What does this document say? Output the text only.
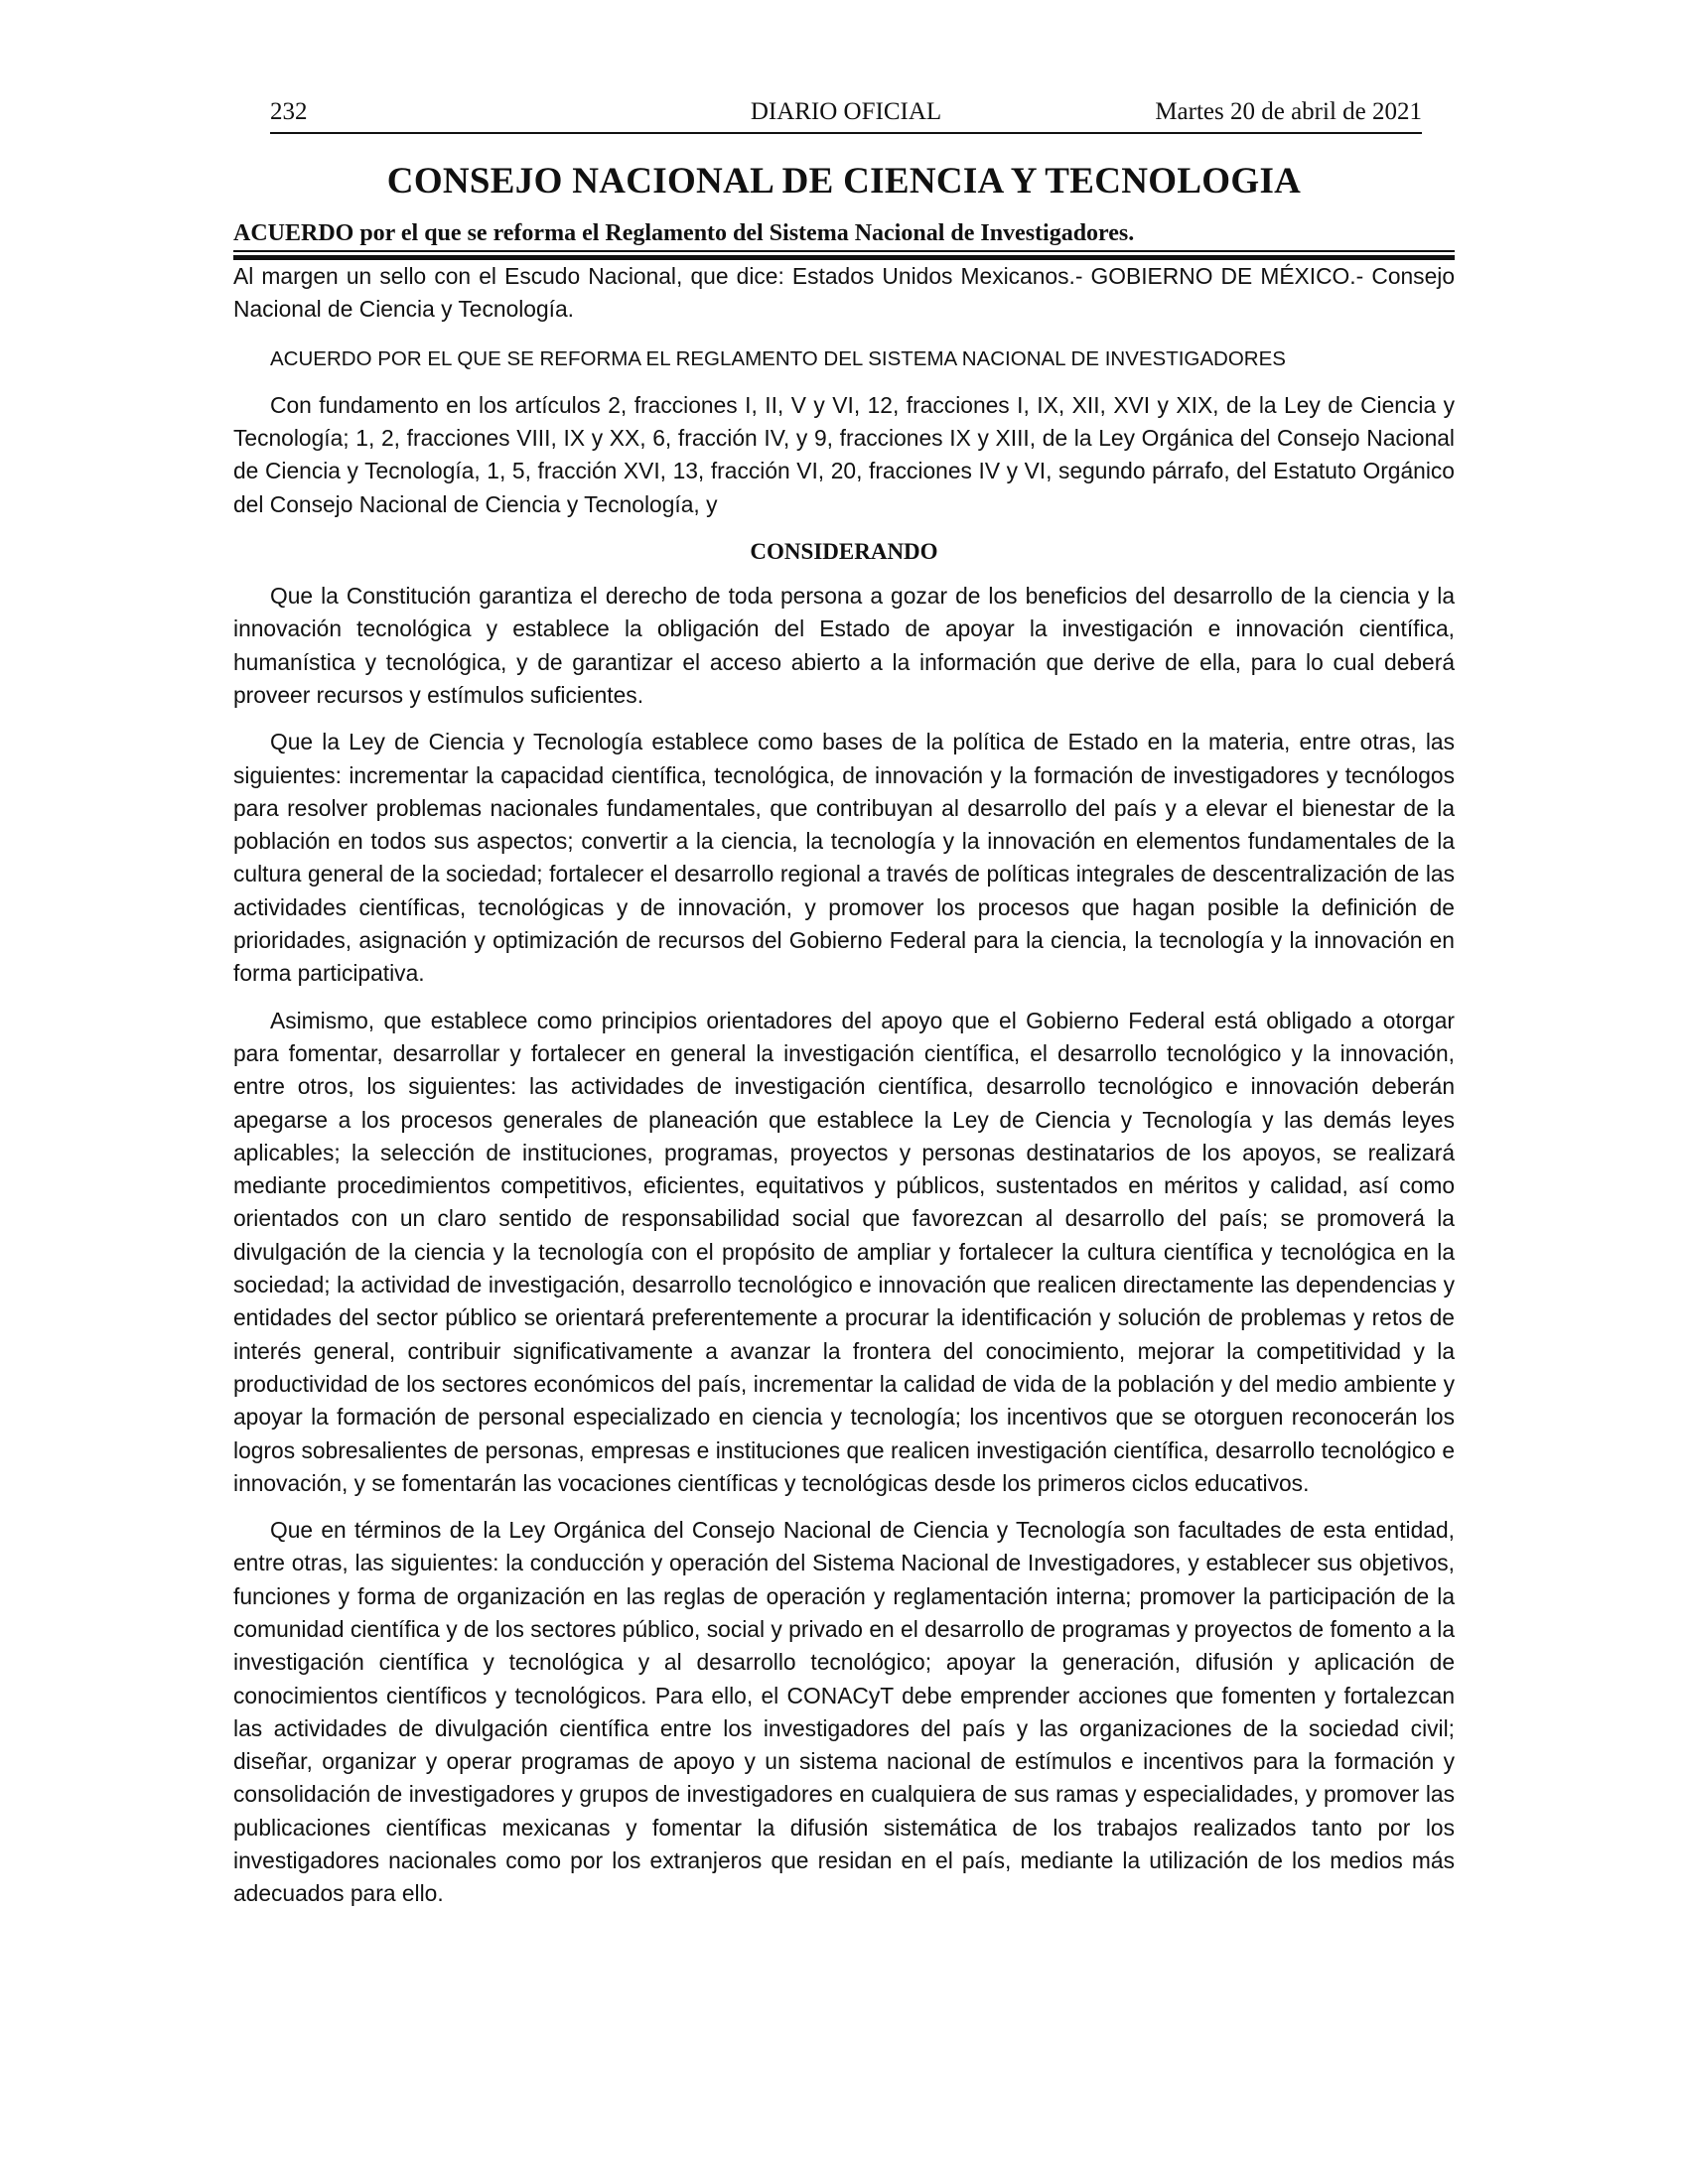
232	DIARIO OFICIAL	Martes 20 de abril de 2021
CONSEJO NACIONAL DE CIENCIA Y TECNOLOGIA
ACUERDO por el que se reforma el Reglamento del Sistema Nacional de Investigadores.

Al margen un sello con el Escudo Nacional, que dice: Estados Unidos Mexicanos.- GOBIERNO DE MÉXICO.- Consejo Nacional de Ciencia y Tecnología.

ACUERDO POR EL QUE SE REFORMA EL REGLAMENTO DEL SISTEMA NACIONAL DE INVESTIGADORES

Con fundamento en los artículos 2, fracciones I, II, V y VI, 12, fracciones I, IX, XII, XVI y XIX, de la Ley de Ciencia y Tecnología; 1, 2, fracciones VIII, IX y XX, 6, fracción IV, y 9, fracciones IX y XIII, de la Ley Orgánica del Consejo Nacional de Ciencia y Tecnología, 1, 5, fracción XVI, 13, fracción VI, 20, fracciones IV y VI, segundo párrafo, del Estatuto Orgánico del Consejo Nacional de Ciencia y Tecnología, y

CONSIDERANDO

Que la Constitución garantiza el derecho de toda persona a gozar de los beneficios del desarrollo de la ciencia y la innovación tecnológica y establece la obligación del Estado de apoyar la investigación e innovación científica, humanística y tecnológica, y de garantizar el acceso abierto a la información que derive de ella, para lo cual deberá proveer recursos y estímulos suficientes.

Que la Ley de Ciencia y Tecnología establece como bases de la política de Estado en la materia, entre otras, las siguientes: incrementar la capacidad científica, tecnológica, de innovación y la formación de investigadores y tecnólogos para resolver problemas nacionales fundamentales, que contribuyan al desarrollo del país y a elevar el bienestar de la población en todos sus aspectos; convertir a la ciencia, la tecnología y la innovación en elementos fundamentales de la cultura general de la sociedad; fortalecer el desarrollo regional a través de políticas integrales de descentralización de las actividades científicas, tecnológicas y de innovación, y promover los procesos que hagan posible la definición de prioridades, asignación y optimización de recursos del Gobierno Federal para la ciencia, la tecnología y la innovación en forma participativa.

Asimismo, que establece como principios orientadores del apoyo que el Gobierno Federal está obligado a otorgar para fomentar, desarrollar y fortalecer en general la investigación científica, el desarrollo tecnológico y la innovación, entre otros, los siguientes: las actividades de investigación científica, desarrollo tecnológico e innovación deberán apegarse a los procesos generales de planeación que establece la Ley de Ciencia y Tecnología y las demás leyes aplicables; la selección de instituciones, programas, proyectos y personas destinatarios de los apoyos, se realizará mediante procedimientos competitivos, eficientes, equitativos y públicos, sustentados en méritos y calidad, así como orientados con un claro sentido de responsabilidad social que favorezcan al desarrollo del país; se promoverá la divulgación de la ciencia y la tecnología con el propósito de ampliar y fortalecer la cultura científica y tecnológica en la sociedad; la actividad de investigación, desarrollo tecnológico e innovación que realicen directamente las dependencias y entidades del sector público se orientará preferentemente a procurar la identificación y solución de problemas y retos de interés general, contribuir significativamente a avanzar la frontera del conocimiento, mejorar la competitividad y la productividad de los sectores económicos del país, incrementar la calidad de vida de la población y del medio ambiente y apoyar la formación de personal especializado en ciencia y tecnología; los incentivos que se otorguen reconocerán los logros sobresalientes de personas, empresas e instituciones que realicen investigación científica, desarrollo tecnológico e innovación, y se fomentarán las vocaciones científicas y tecnológicas desde los primeros ciclos educativos.

Que en términos de la Ley Orgánica del Consejo Nacional de Ciencia y Tecnología son facultades de esta entidad, entre otras, las siguientes: la conducción y operación del Sistema Nacional de Investigadores, y establecer sus objetivos, funciones y forma de organización en las reglas de operación y reglamentación interna; promover la participación de la comunidad científica y de los sectores público, social y privado en el desarrollo de programas y proyectos de fomento a la investigación científica y tecnológica y al desarrollo tecnológico; apoyar la generación, difusión y aplicación de conocimientos científicos y tecnológicos. Para ello, el CONACyT debe emprender acciones que fomenten y fortalezcan las actividades de divulgación científica entre los investigadores del país y las organizaciones de la sociedad civil; diseñar, organizar y operar programas de apoyo y un sistema nacional de estímulos e incentivos para la formación y consolidación de investigadores y grupos de investigadores en cualquiera de sus ramas y especialidades, y promover las publicaciones científicas mexicanas y fomentar la difusión sistemática de los trabajos realizados tanto por los investigadores nacionales como por los extranjeros que residan en el país, mediante la utilización de los medios más adecuados para ello.
